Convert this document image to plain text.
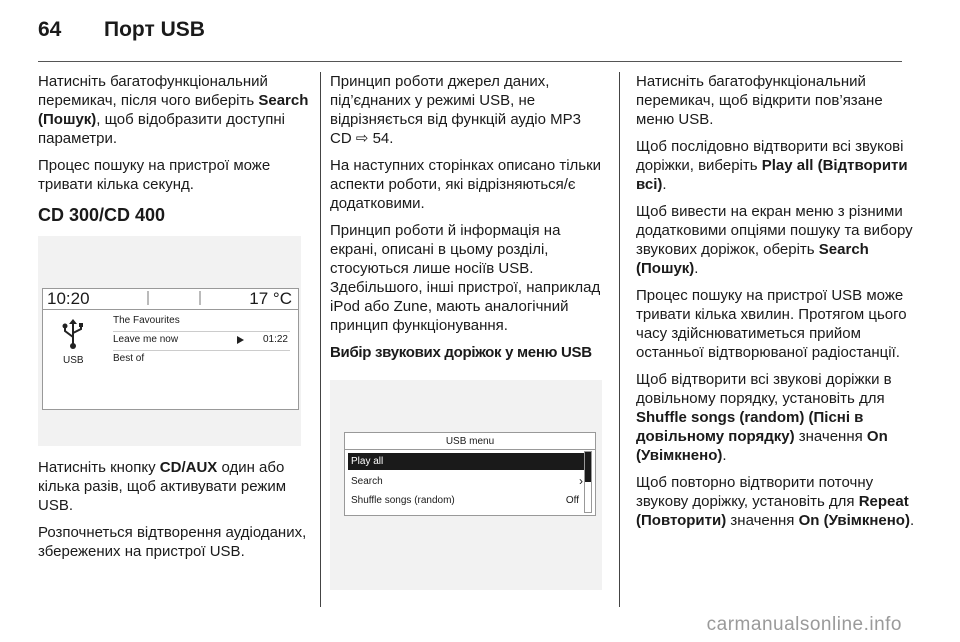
64	Порт USB

Натисніть багатофункціональний перемикач, після чого виберіть Search (Пошук), щоб відобразити доступні параметри.

Процес пошуку на пристрої може тривати кілька секунд.

CD 300/CD 400
10:20	17 °C
USB
The Favourites
Leave me now	01:22
Best of

Натисніть кнопку CD/AUX один або кілька разів, щоб активувати режим USB.

Розпочнеться відтворення аудіоданих, збережених на пристрої USB.

Принцип роботи джерел даних, під’єднаних у режимі USB, не відрізняється від функцій аудіо MP3 CD ⇨ 54.

На наступних сторінках описано тільки аспекти роботи, які відрізняються/є додатковими.

Принцип роботи й інформація на екрані, описані в цьому розділі, стосуються лише носіїв USB. Здебільшого, інші пристрої, наприклад iPod або Zune, мають аналогічний принцип функціонування.

Вибір звукових доріжок у меню USB

USB menu
Play all
Search	›
Shuffle songs (random)	Off

Натисніть багатофункціональний перемикач, щоб відкрити пов’язане меню USB.

Щоб послідовно відтворити всі звукові доріжки, виберіть Play all (Відтворити всі).

Щоб вивести на екран меню з різними додатковими опціями пошуку та вибору звукових доріжок, оберіть Search (Пошук).

Процес пошуку на пристрої USB може тривати кілька хвилин. Протягом цього часу здійснюватиметься прийом останньої відтворюваної радіостанції.

Щоб відтворити всі звукові доріжки в довільному порядку, установіть для Shuffle songs (random) (Пісні в довільному порядку) значення On (Увімкнено).

Щоб повторно відтворити поточну звукову доріжку, установіть для Repeat (Повторити) значення On (Увімкнено).

carmanualsonline.info
